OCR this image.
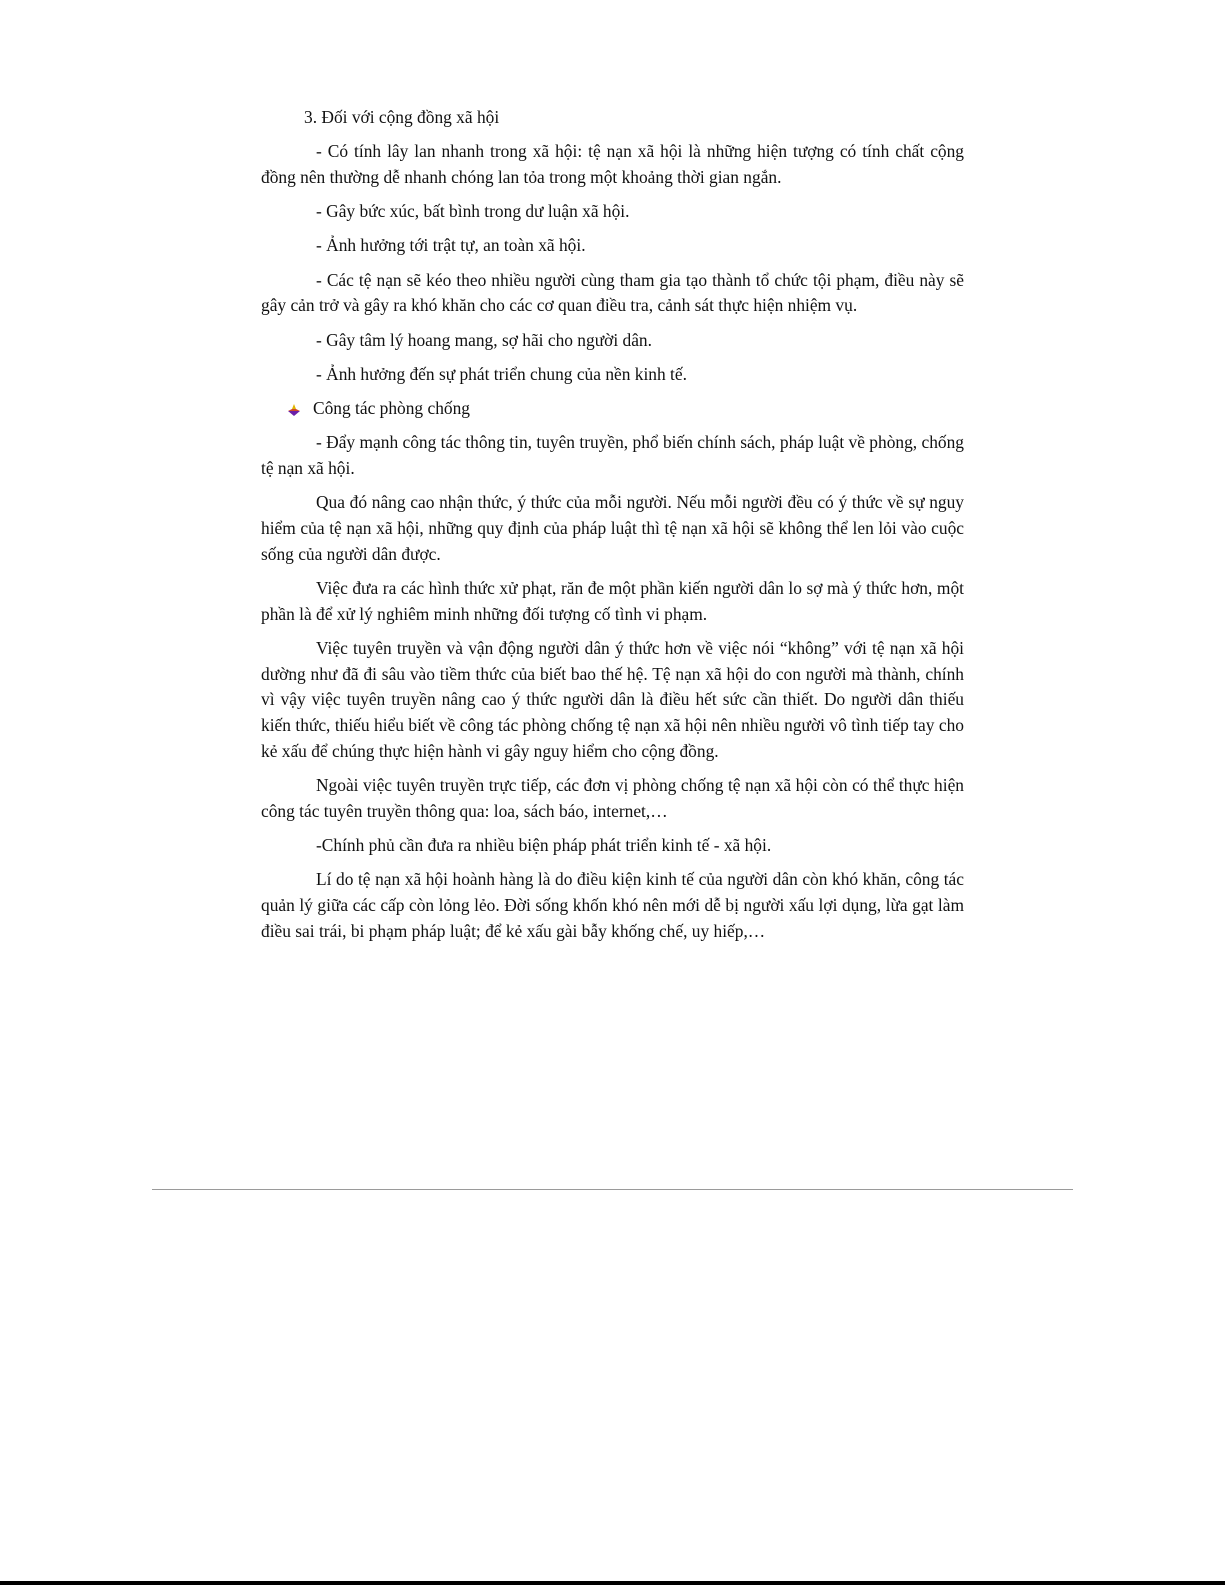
3. Đối với cộng đồng xã hội

- Có tính lây lan nhanh trong xã hội: tệ nạn xã hội là những hiện tượng có tính chất cộng đồng nên thường dễ nhanh chóng lan tỏa trong một khoảng thời gian ngắn.

- Gây bức xúc, bất bình trong dư luận xã hội.

- Ảnh hưởng tới trật tự, an toàn xã hội.

- Các tệ nạn sẽ kéo theo nhiều người cùng tham gia tạo thành tổ chức tội phạm, điều này sẽ gây cản trở và gây ra khó khăn cho các cơ quan điều tra, cảnh sát thực hiện nhiệm vụ.

- Gây tâm lý hoang mang, sợ hãi cho người dân.

- Ảnh hưởng đến sự phát triển chung của nền kinh tế.

Công tác phòng chống

- Đẩy mạnh công tác thông tin, tuyên truyền, phổ biến chính sách, pháp luật về phòng, chống tệ nạn xã hội.

Qua đó nâng cao nhận thức, ý thức của mỗi người. Nếu mỗi người đều có ý thức về sự nguy hiểm của tệ nạn xã hội, những quy định của pháp luật thì tệ nạn xã hội sẽ không thể len lỏi vào cuộc sống của người dân được.

Việc đưa ra các hình thức xử phạt, răn đe một phần kiến người dân lo sợ mà ý thức hơn, một phần là để xử lý nghiêm minh những đối tượng cố tình vi phạm.

Việc tuyên truyền và vận động người dân ý thức hơn về việc nói “không” với tệ nạn xã hội dường như đã đi sâu vào tiềm thức của biết bao thế hệ. Tệ nạn xã hội do con người mà thành, chính vì vậy việc tuyên truyền nâng cao ý thức người dân là điều hết sức cần thiết. Do người dân thiếu kiến thức, thiếu hiểu biết về công tác phòng chống tệ nạn xã hội nên nhiều người vô tình tiếp tay cho kẻ xấu để chúng thực hiện hành vi gây nguy hiểm cho cộng đồng.

Ngoài việc tuyên truyền trực tiếp, các đơn vị phòng chống tệ nạn xã hội còn có thể thực hiện công tác tuyên truyền thông qua: loa, sách báo, internet,…

-Chính phủ cần đưa ra nhiều biện pháp phát triển kinh tế - xã hội.

Lí do tệ nạn xã hội hoành hàng là do điều kiện kinh tế của người dân còn khó khăn, công tác quản lý giữa các cấp còn lỏng lẻo. Đời sống khốn khó nên mới dễ bị người xấu lợi dụng, lừa gạt làm điều sai trái, bi phạm pháp luật; để kẻ xấu gài bẫy khống chế, uy hiếp,…
